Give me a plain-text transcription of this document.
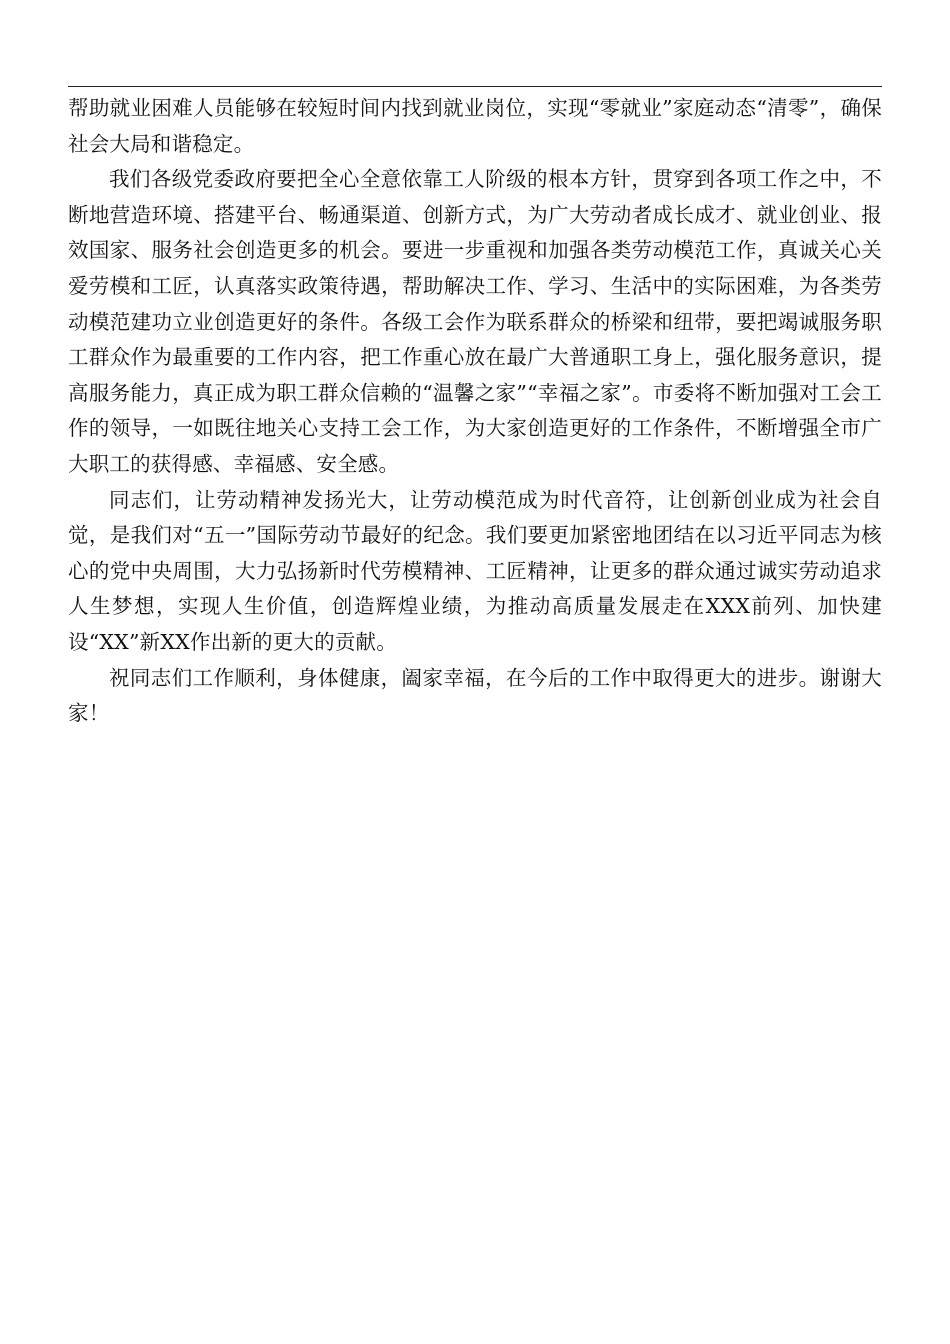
帮助就业困难人员能够在较短时间内找到就业岗位，实现“零就业”家庭动态“清零”，确保社会大局和谐稳定。

我们各级党委政府要把全心全意依靠工人阶级的根本方针，贯穿到各项工作之中，不断地营造环境、搭建平台、畅通渠道、创新方式，为广大劳动者成长成才、就业创业、报效国家、服务社会创造更多的机会。要进一步重视和加强各类劳动模范工作，真诚关心关爱劳模和工匠，认真落实政策待遇，帮助解决工作、学习、生活中的实际困难，为各类劳动模范建功立业创造更好的条件。各级工会作为联系群众的桥梁和纽带，要把竭诚服务职工群众作为最重要的工作内容，把工作重心放在最广大普通职工身上，强化服务意识，提高服务能力，真正成为职工群众信赖的“温馨之家”“幸福之家”。市委将不断加强对工会工作的领导，一如既往地关心支持工会工作，为大家创造更好的工作条件，不断增强全市广大职工的获得感、幸福感、安全感。

同志们，让劳动精神发扬光大，让劳动模范成为时代音符，让创新创业成为社会自觉，是我们对“五一”国际劳动节最好的纪念。我们要更加紧密地团结在以习近平同志为核心的党中央周围，大力弘扬新时代劳模精神、工匠精神，让更多的群众通过诚实劳动追求人生梦想，实现人生价值，创造辉煌业绩，为推动高质量发展走在XXX前列、加快建设“XX”新XX作出新的更大的贡献。

祝同志们工作顺利，身体健康，阖家幸福，在今后的工作中取得更大的进步。谢谢大家！
